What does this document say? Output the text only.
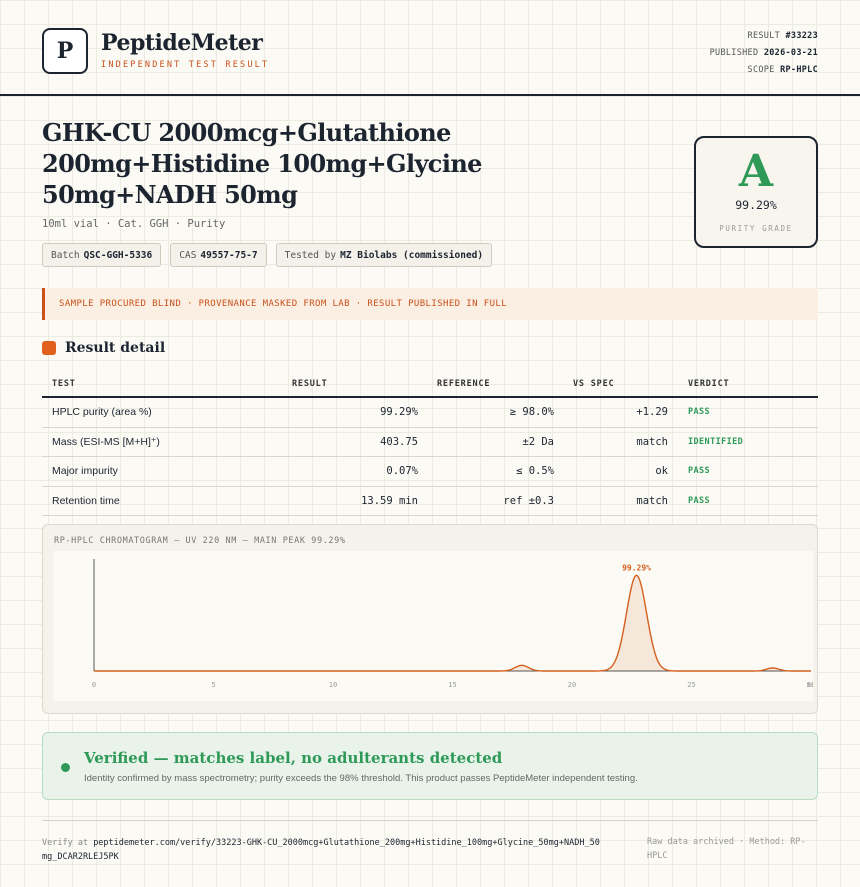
P PeptideMeter
INDEPENDENT TEST RESULT
RESULT #33223
PUBLISHED 2026-03-21
SCOPE RP-HPLC
GHK-CU 2000mcg+Glutathione 200mg+Histidine 100mg+Glycine 50mg+NADH 50mg
10ml vial · Cat. GGH · Purity
Batch QSC-GGH-5336	CAS 49557-75-7	Tested by MZ Biolabs (commissioned)
A
99.29%
PURITY GRADE
SAMPLE PROCURED BLIND · PROVENANCE MASKED FROM LAB · RESULT PUBLISHED IN FULL
Result detail
TEST	RESULT	REFERENCE	VS SPEC	VERDICT
HPLC purity (area %)	99.29%	≥ 98.0%	+1.29 PASS
Mass (ESI-MS [M+H]⁺)	403.75	±2 Da	match IDENTIFIED
Major impurity	0.07%	≤ 0.5%	ok PASS
Retention time	13.59 min	ref ±0.3	match PASS
RP-HPLC CHROMATOGRAM — UV 220 NM — MAIN PEAK 99.29%
0	5	10	15	20	25	3
m
99.29%
Verified — matches label, no adulterants detected
Identity confirmed by mass spectrometry; purity exceeds the 98% threshold. This product passes PeptideMeter independent testing.
Verify at peptidemeter.com/verify/33223-GHK-CU_2000mcg+Glutathione_200mg+Histidine_100mg+Glycine_50mg+NADH_50mg_DCAR2RLEJ5PK
Raw data archived · Method: RP-HPLC
